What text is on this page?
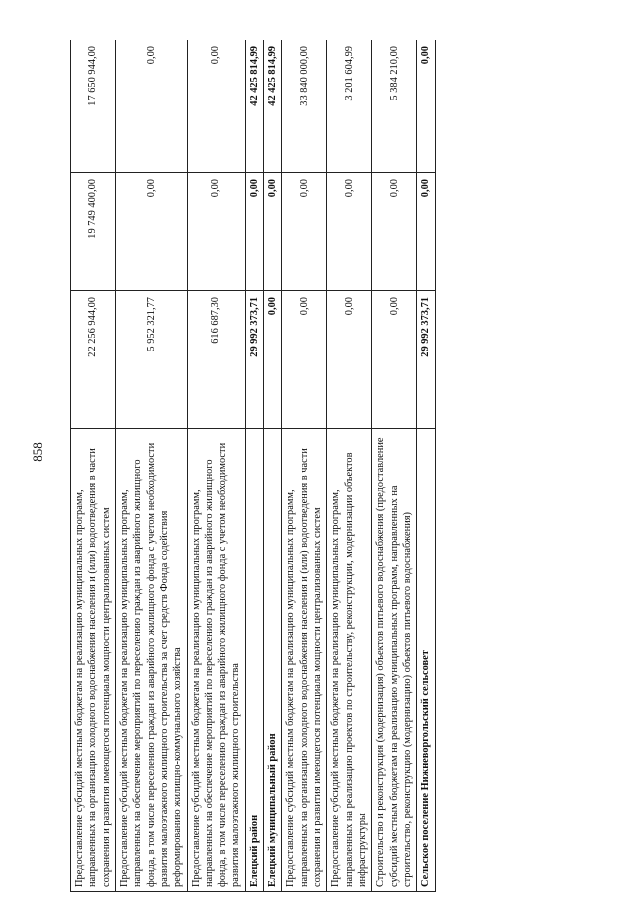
858
Предоставление субсидий местным бюджетам на реализацию муниципальных программ, направленных на организацию холодного водоснабжения населения и (или) водоотведения в части сохранения и развития имеющегося потенциала мощности централизованных систем	22 256 944,00	19 749 400,00	17 650 944,00
Предоставление субсидий местным бюджетам на реализацию муниципальных программ, направленных на обеспечение мероприятий по переселению граждан из аварийного жилищного фонда, в том числе переселению граждан из аварийного жилищного фонда с учетом необходимости развития малоэтажного жилищного строительства за счет средств Фонда содействия реформированию жилищно-коммунального хозяйства	5 952 321,77	0,00	0,00
Предоставление субсидий местным бюджетам на реализацию муниципальных программ, направленных на обеспечение мероприятий по переселению граждан из аварийного жилищного фонда, в том числе переселению граждан из аварийного жилищного фонда с учетом необходимости развития малоэтажного жилищного строительства	616 687,30	0,00	0,00
Елецкий район	29 992 373,71	0,00	42 425 814,99
Елецкий муниципальный район	0,00	0,00	42 425 814,99
Предоставление субсидий местным бюджетам на реализацию муниципальных программ, направленных на организацию холодного водоснабжения населения и (или) водоотведения в части сохранения и развития имеющегося потенциала мощности централизованных систем	0,00	0,00	33 840 000,00
Предоставление субсидий местным бюджетам на реализацию муниципальных программ, направленных на реализацию проектов по строительству, реконструкции, модернизации объектов инфраструктуры	0,00	0,00	3 201 604,99
Строительство и реконструкция (модернизация) объектов питьевого водоснабжения (предоставление субсидий местным бюджетам на реализацию муниципальных программ, направленных на строительство, реконструкцию (модернизацию) объектов питьевого водоснабжения)	0,00	0,00	5 384 210,00
Сельское поселение Нижневоргольский сельсовет	29 992 373,71	0,00	0,00
